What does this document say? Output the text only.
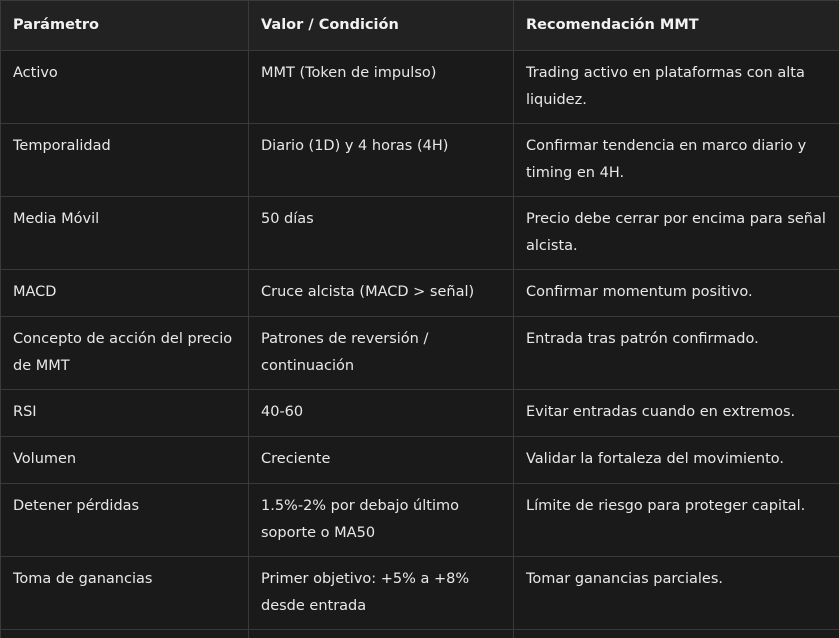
Parámetro	Valor / Condición	Recomendación MMT
Activo	MMT (Token de impulso)	Trading activo en plataformas con alta liquidez.
Temporalidad	Diario (1D) y 4 horas (4H)	Confirmar tendencia en marco diario y timing en 4H.
Media Móvil	50 días	Precio debe cerrar por encima para señal alcista.
MACD	Cruce alcista (MACD > señal)	Confirmar momentum positivo.
Concepto de acción del precio de MMT	Patrones de reversión / continuación	Entrada tras patrón confirmado.
RSI	40-60	Evitar entradas cuando en extremos.
Volumen	Creciente	Validar la fortaleza del movimiento.
Detener pérdidas	1.5%-2% por debajo último soporte o MA50	Límite de riesgo para proteger capital.
Toma de ganancias	Primer objetivo: +5% a +8% desde entrada	Tomar ganancias parciales.
